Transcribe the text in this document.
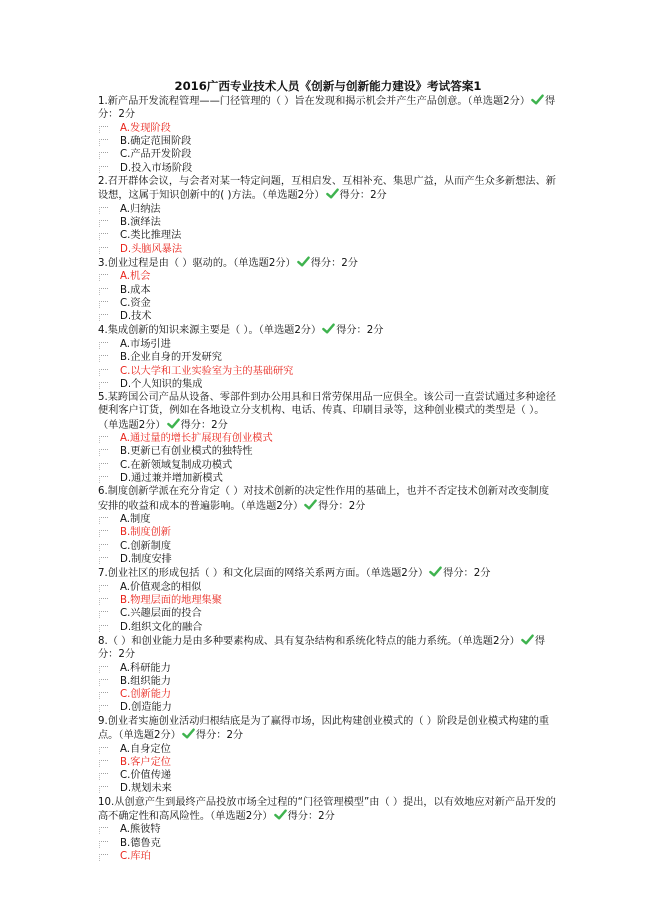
2016广西专业技术人员《创新与创新能力建设》考试答案1
1.新产品开发流程管理——门径管理的（ ）旨在发现和揭示机会并产生产品创意。（单选题2分） 得分：2分
A.发现阶段
B.确定范围阶段
C.产品开发阶段
D.投入市场阶段
2.召开群体会议，与会者对某一特定问题，互相启发、互相补充、集思广益，从而产生众多新想法、新设想，这属于知识创新中的( )方法。（单选题2分） 得分：2分
A.归纳法
B.演绎法
C.类比推理法
D.头脑风暴法
3.创业过程是由（ ）驱动的。（单选题2分） 得分：2分
A.机会
B.成本
C.资金
D.技术
4.集成创新的知识来源主要是（ ）。（单选题2分） 得分：2分
A.市场引进
B.企业自身的开发研究
C.以大学和工业实验室为主的基础研究
D.个人知识的集成
5.某跨国公司产品从设备、零部件到办公用具和日常劳保用品一应俱全。该公司一直尝试通过多种途径便利客户订货，例如在各地设立分支机构、电话、传真、印刷目录等，这种创业模式的类型是（ ）。（单选题2分） 得分：2分
A.通过量的增长扩展现有创业模式
B.更新已有创业模式的独特性
C.在新领域复制成功模式
D.通过兼并增加新模式
6.制度创新学派在充分肯定（ ）对技术创新的决定性作用的基础上，也并不否定技术创新对改变制度安排的收益和成本的普遍影响。（单选题2分） 得分：2分
A.制度
B.制度创新
C.创新制度
D.制度安排
7.创业社区的形成包括（ ）和文化层面的网络关系两方面。（单选题2分） 得分：2分
A.价值观念的相似
B.物理层面的地理集聚
C.兴趣层面的投合
D.组织文化的融合
8.（ ）和创业能力是由多种要素构成、具有复杂结构和系统化特点的能力系统。（单选题2分） 得分：2分
A.科研能力
B.组织能力
C.创新能力
D.创造能力
9.创业者实施创业活动归根结底是为了赢得市场，因此构建创业模式的（ ）阶段是创业模式构建的重点。（单选题2分） 得分：2分
A.自身定位
B.客户定位
C.价值传递
D.规划未来
10.从创意产生到最终产品投放市场全过程的“门径管理模型”由（ ）提出，以有效地应对新产品开发的高不确定性和高风险性。（单选题2分） 得分：2分
A.熊彼特
B.德鲁克
C.库珀
